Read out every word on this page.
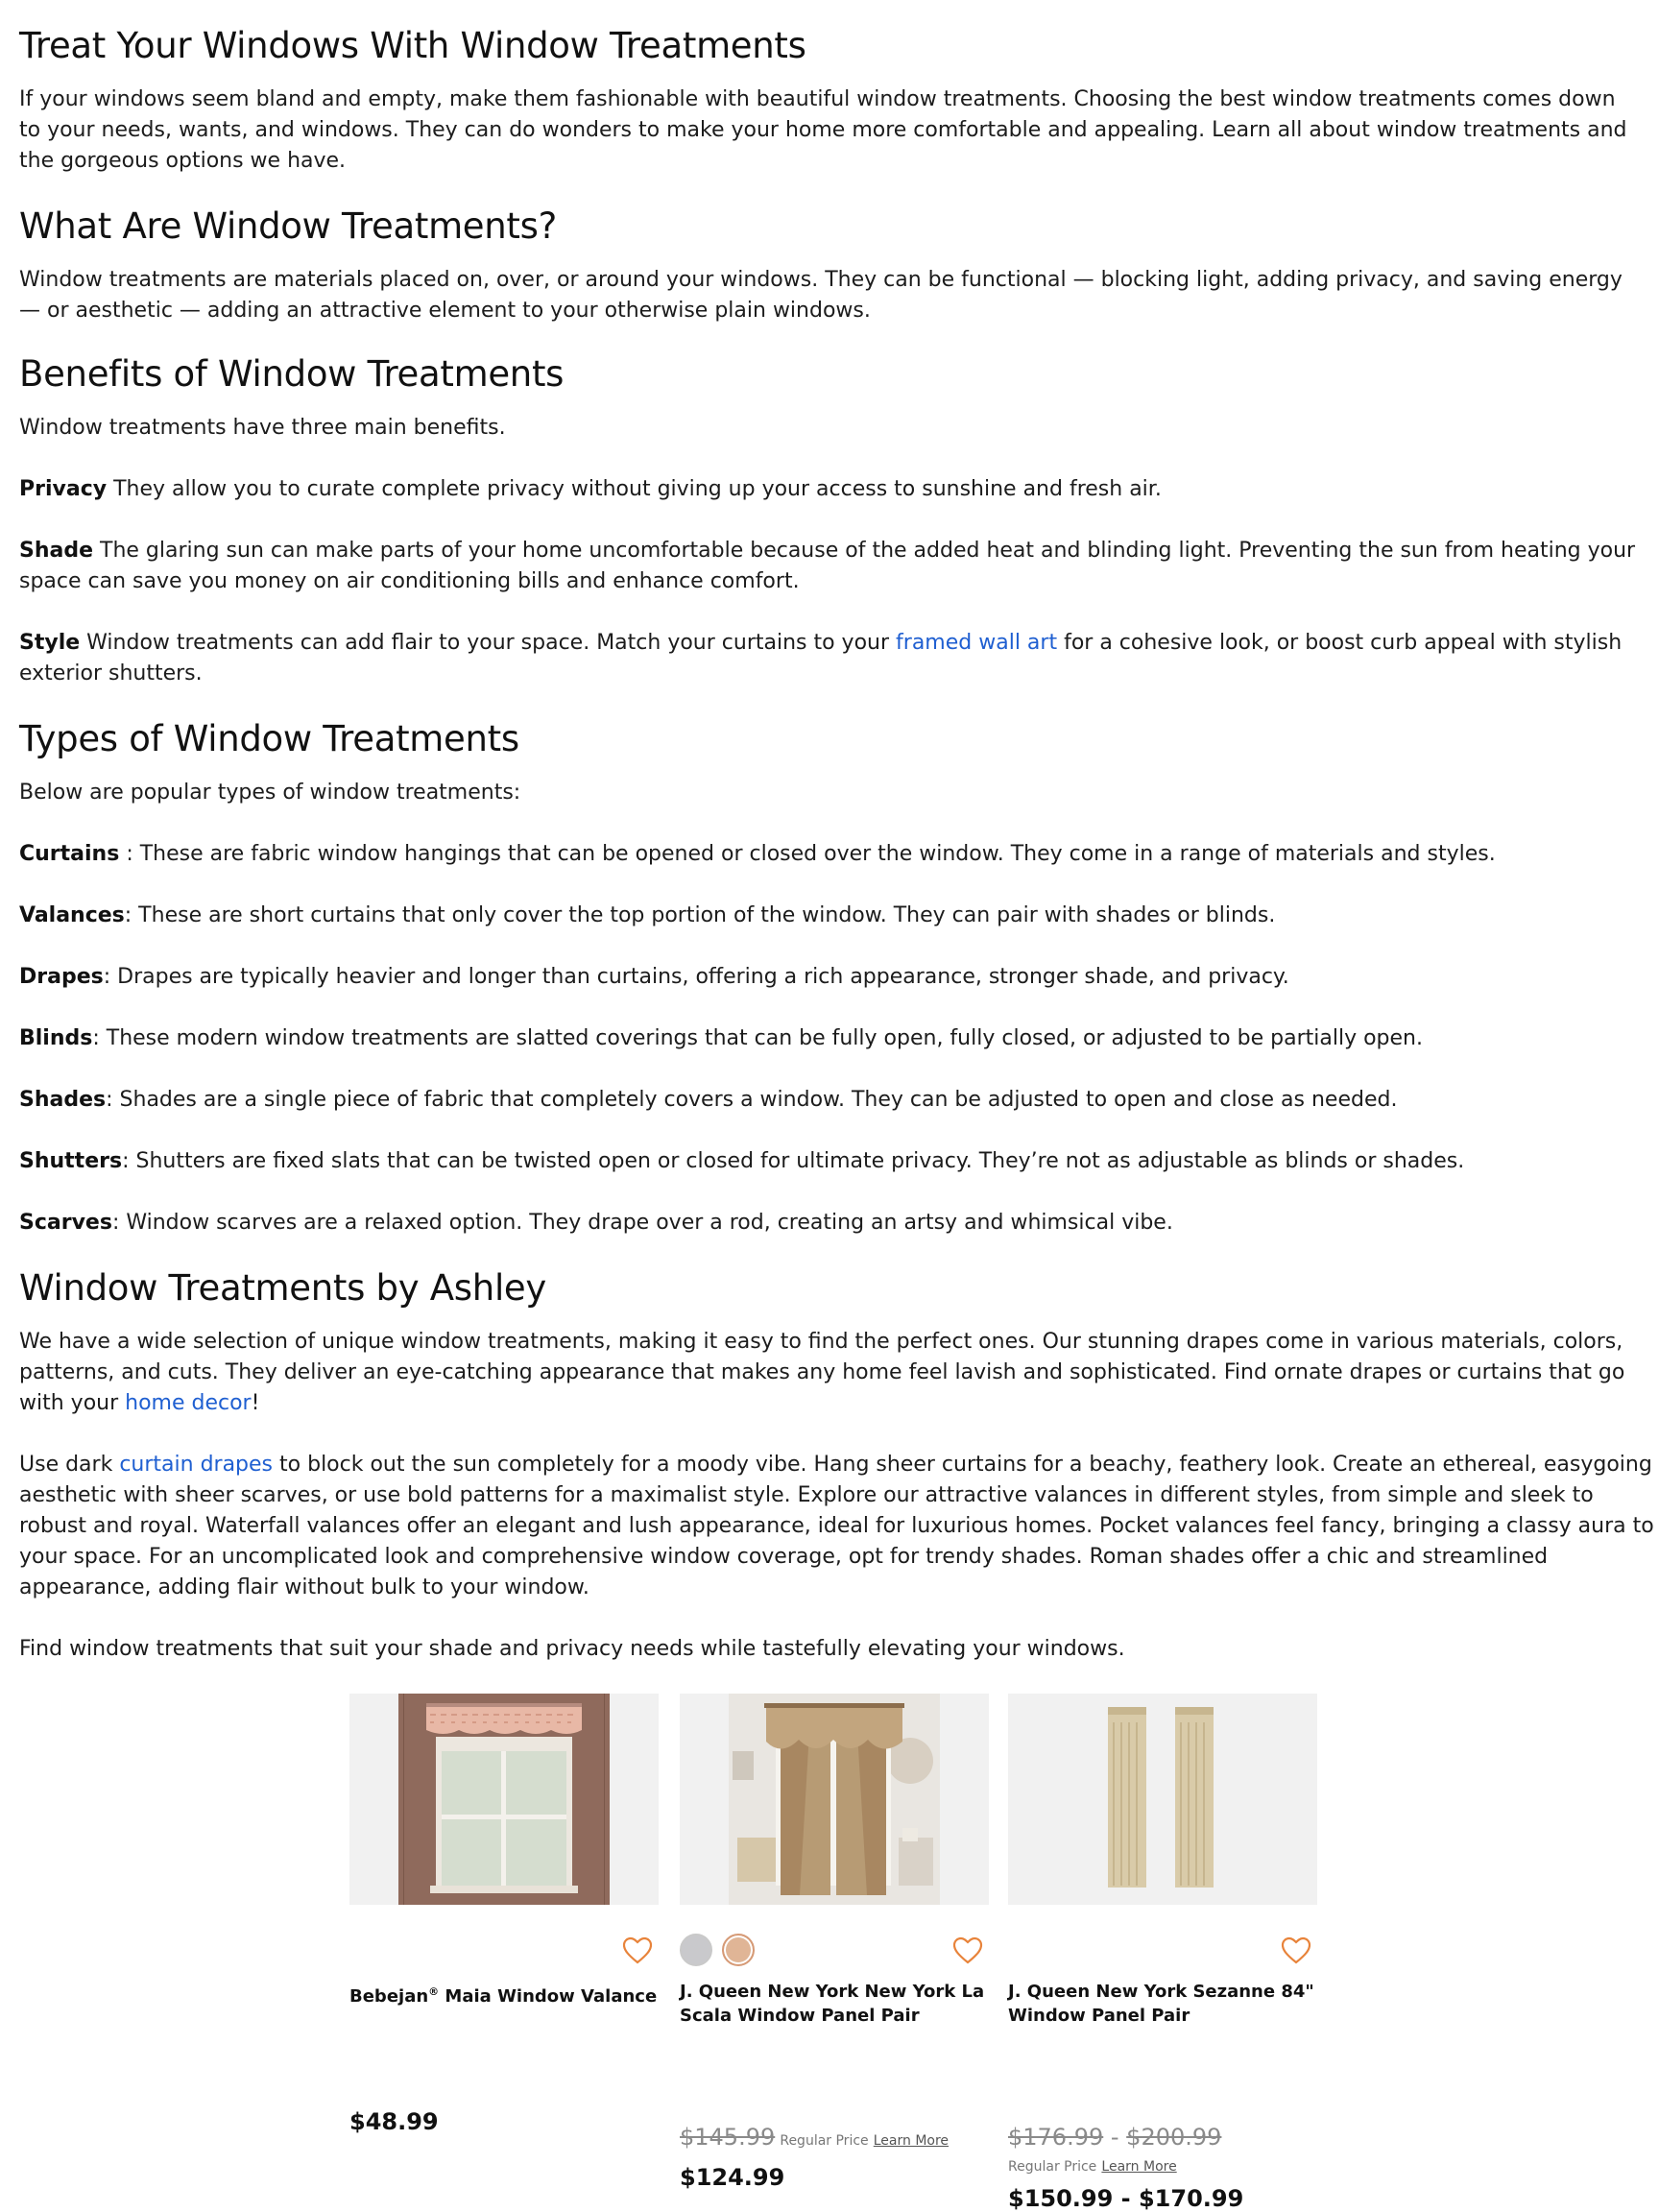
Treat Your Windows With Window Treatments

If your windows seem bland and empty, make them fashionable with beautiful window treatments. Choosing the best window treatments comes down to your needs, wants, and windows. They can do wonders to make your home more comfortable and appealing. Learn all about window treatments and the gorgeous options we have.

What Are Window Treatments?

Window treatments are materials placed on, over, or around your windows. They can be functional — blocking light, adding privacy, and saving energy — or aesthetic — adding an attractive element to your otherwise plain windows.

Benefits of Window Treatments

Window treatments have three main benefits.

Privacy They allow you to curate complete privacy without giving up your access to sunshine and fresh air.

Shade The glaring sun can make parts of your home uncomfortable because of the added heat and blinding light. Preventing the sun from heating your space can save you money on air conditioning bills and enhance comfort.

Style Window treatments can add flair to your space. Match your curtains to your framed wall art for a cohesive look, or boost curb appeal with stylish exterior shutters.

Types of Window Treatments

Below are popular types of window treatments:

Curtains : These are fabric window hangings that can be opened or closed over the window. They come in a range of materials and styles.

Valances: These are short curtains that only cover the top portion of the window. They can pair with shades or blinds.

Drapes: Drapes are typically heavier and longer than curtains, offering a rich appearance, stronger shade, and privacy.

Blinds: These modern window treatments are slatted coverings that can be fully open, fully closed, or adjusted to be partially open.

Shades: Shades are a single piece of fabric that completely covers a window. They can be adjusted to open and close as needed.

Shutters: Shutters are fixed slats that can be twisted open or closed for ultimate privacy. They’re not as adjustable as blinds or shades.

Scarves: Window scarves are a relaxed option. They drape over a rod, creating an artsy and whimsical vibe.

Window Treatments by Ashley

We have a wide selection of unique window treatments, making it easy to find the perfect ones. Our stunning drapes come in various materials, colors, patterns, and cuts. They deliver an eye-catching appearance that makes any home feel lavish and sophisticated. Find ornate drapes or curtains that go with your home decor!

Use dark curtain drapes to block out the sun completely for a moody vibe. Hang sheer curtains for a beachy, feathery look. Create an ethereal, easygoing aesthetic with sheer scarves, or use bold patterns for a maximalist style. Explore our attractive valances in different styles, from simple and sleek to robust and royal. Waterfall valances offer an elegant and lush appearance, ideal for luxurious homes. Pocket valances feel fancy, bringing a classy aura to your space. For an uncomplicated look and comprehensive window coverage, opt for trendy shades. Roman shades offer a chic and streamlined appearance, adding flair without bulk to your window.

Find window treatments that suit your shade and privacy needs while tastefully elevating your windows.

Bebejan® Maia Window Valance
$48.99
J. Queen New York New York La Scala Window Panel Pair
$145.99 Regular Price Learn More
$124.99
J. Queen New York Sezanne 84" Window Panel Pair
$176.99 - $200.99
Regular Price Learn More
$150.99 - $170.99
